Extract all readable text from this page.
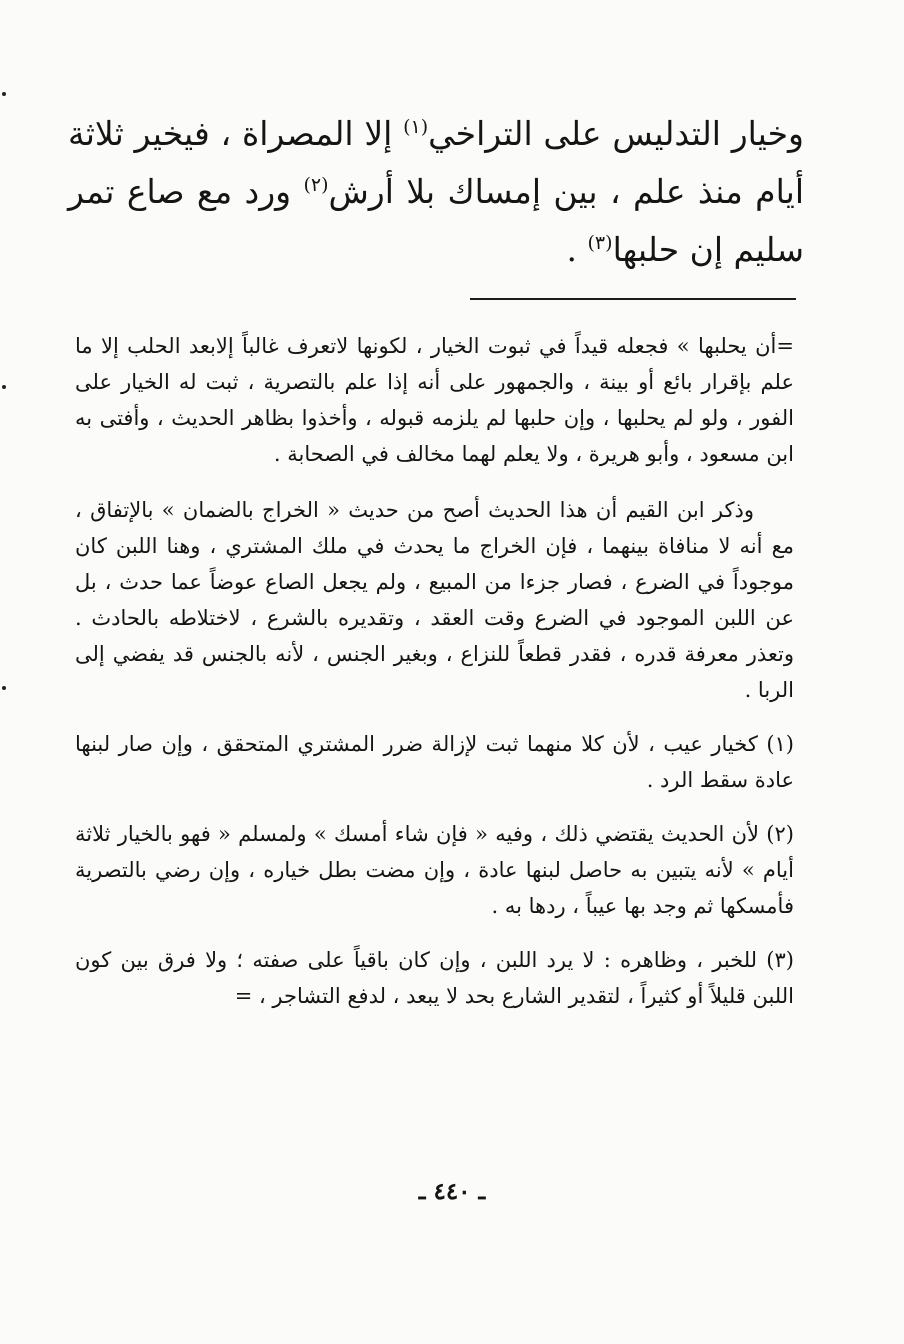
وخيار التدليس على التراخي$^{(١)}$ إلا المصراة ، فيخير ثلاثة أيام منذ علم ، بين إمساك بلا أرش$^{(٢)}$ ورد مع صاع تمر سليم إن حلبها$^{(٣)}$ .

=أن يحلبها » فجعله قيداً في ثبوت الخيار ، لكونها لاتعرف غالباً إلابعد الحلب إلا ما علم بإقرار بائع أو بينة ، والجمهور على أنه إذا علم بالتصرية ، ثبت له الخيار على الفور ، ولو لم يحلبها ، وإن حلبها لم يلزمه قبوله ، وأخذوا بظاهر الحديث ، وأفتى به ابن مسعود ، وأبو هريرة ، ولا يعلم لهما مخالف في الصحابة .

وذكر ابن القيم أن هذا الحديث أصح من حديث « الخراج بالضمان » بالإتفاق ، مع أنه لا منافاة بينهما ، فإن الخراج ما يحدث في ملك المشتري ، وهنا اللبن كان موجوداً في الضرع ، فصار جزءا من المبيع ، ولم يجعل الصاع عوضاً عما حدث ، بل عن اللبن الموجود في الضرع وقت العقد ، وتقديره بالشرع ، لاختلاطه بالحادث . وتعذر معرفة قدره ، فقدر قطعاً للنزاع ، وبغير الجنس ، لأنه بالجنس قد يفضي إلى الربا .

(١) كخيار عيب ، لأن كلا منهما ثبت لإزالة ضرر المشتري المتحقق ، وإن صار لبنها عادة سقط الرد .

(٢) لأن الحديث يقتضي ذلك ، وفيه « فإن شاء أمسك » ولمسلم « فهو بالخيار ثلاثة أيام » لأنه يتبين به حاصل لبنها عادة ، وإن مضت بطل خياره ، وإن رضي بالتصرية فأمسكها ثم وجد بها عيباً ، ردها به .

(٣) للخبر ، وظاهره : لا يرد اللبن ، وإن كان باقياً على صفته ؛ ولا فرق بين كون اللبن قليلاً أو كثيراً ، لتقدير الشارع بحد لا يبعد ، لدفع التشاجر ، =

ـ ٤٤٠ ـ
